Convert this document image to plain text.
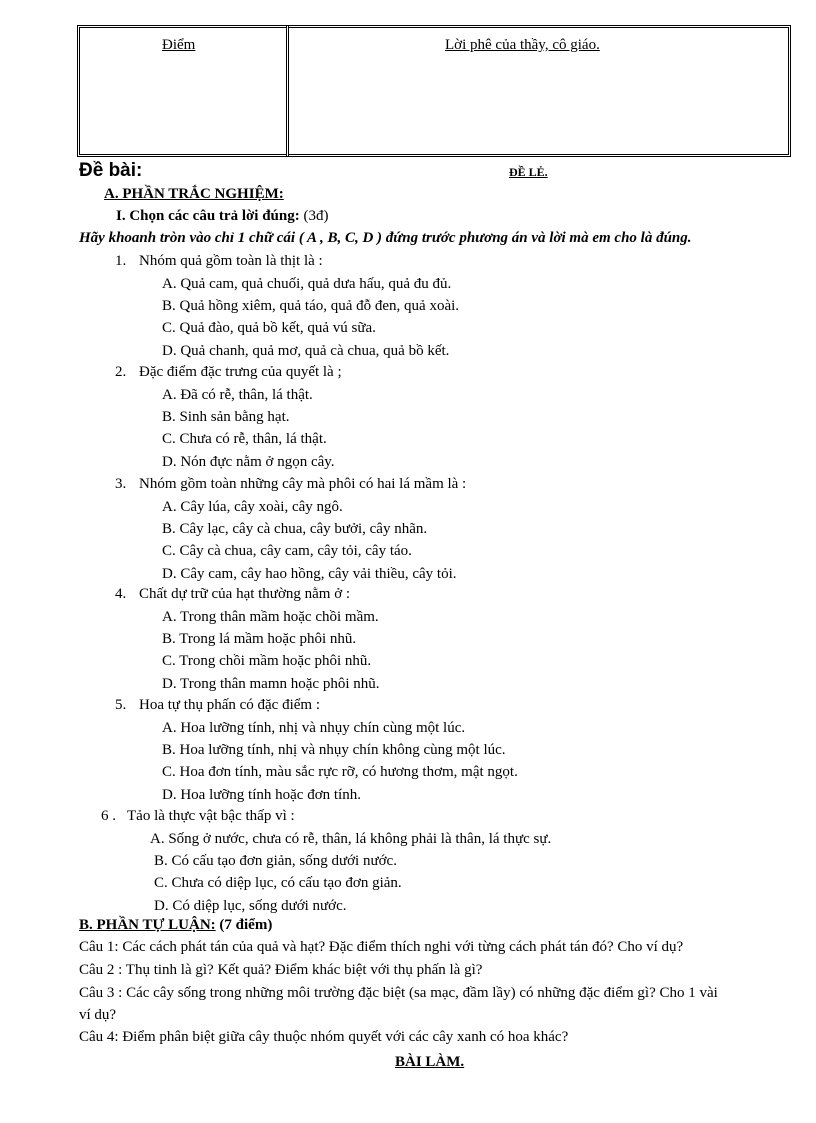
Điểm	Lời phê của thầy, cô giáo.
Đề bài:	ĐỀ LẺ.
A. PHẦN TRẮC NGHIỆM:
I. Chọn các câu trả lời đúng: (3đ)
Hãy khoanh tròn vào chỉ 1 chữ cái ( A , B, C, D ) đứng trước phương án và lời mà em cho là đúng.
1. Nhóm quả gồm toàn là thịt là :
A. Quả cam, quả chuối, quả dưa hấu, quả đu đủ.
B. Quả hồng xiêm, quả táo, quả đỗ đen, quả xoài.
C. Quả đào, quả bồ kết, quả vú sữa.
D. Quả chanh, quả mơ, quả cà chua, quả bồ kết.
2. Đặc điểm đặc trưng của quyết là ;
A. Đã có rễ, thân, lá thật.
B. Sinh sản bằng hạt.
C. Chưa có rễ, thân, lá thật.
D. Nón đực nằm ở ngọn cây.
3. Nhóm gồm toàn những cây mà phôi có hai lá mầm là :
A. Cây lúa, cây xoài, cây ngô.
B. Cây lạc, cây cà chua, cây bưởi, cây nhãn.
C. Cây cà chua, cây cam, cây tỏi, cây táo.
D. Cây cam, cây hao hồng, cây vải thiều, cây tỏi.
4. Chất dự trữ của hạt thường nằm ở :
A. Trong thân mầm hoặc chồi mầm.
B. Trong lá mầm hoặc phôi nhũ.
C. Trong chồi mầm hoặc phôi nhũ.
D. Trong thân mamn hoặc phôi nhũ.
5. Hoa tự thụ phấn có đặc điểm :
A. Hoa lưỡng tính, nhị và nhụy chín cùng một lúc.
B. Hoa lưỡng tính, nhị và nhụy chín không cùng một lúc.
C. Hoa đơn tính, màu sắc rực rỡ, có hương thơm, mật ngọt.
D. Hoa lưỡng tính hoặc đơn tính.
6 . Tảo là thực vật bậc thấp vì :
A. Sống ở nước, chưa có rễ, thân, lá không phải là thân, lá thực sự.
B. Có cấu tạo đơn giản, sống dưới nước.
C. Chưa có diệp lục, có cấu tạo đơn giản.
D. Có diệp lục, sống dưới nước.
B. PHẦN TỰ LUẬN: (7 điểm)
Câu 1: Các cách phát tán của quả và hạt? Đặc điểm thích nghi với từng cách phát tán đó? Cho ví dụ?
Câu 2 : Thụ tinh là gì? Kết quả? Điểm khác biệt với thụ phấn là gì?
Câu 3 : Các cây sống trong những môi trường đặc biệt (sa mạc, đầm lầy) có những đặc điểm gì? Cho 1 vài
ví dụ?
Câu 4: Điểm phân biệt giữa cây thuộc nhóm quyết với các cây xanh có hoa khác?
BÀI LÀM.
